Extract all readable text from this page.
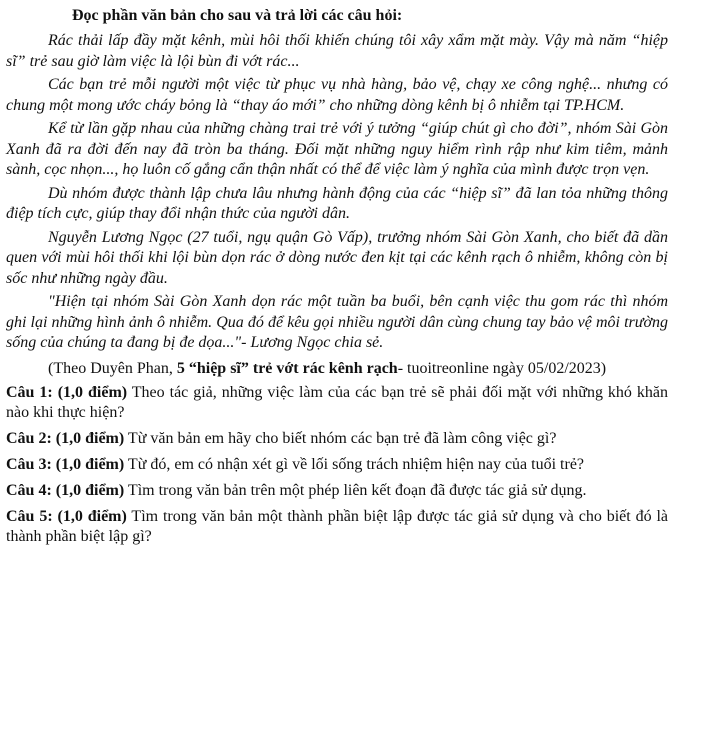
Đọc phần văn bản cho sau và trả lời các câu hỏi:

Rác thải lấp đầy mặt kênh, mùi hôi thối khiến chúng tôi xây xẩm mặt mày. Vậy mà năm “hiệp sĩ” trẻ sau giờ làm việc là lội bùn đi vớt rác...

Các bạn trẻ mỗi người một việc từ phục vụ nhà hàng, bảo vệ, chạy xe công nghệ... nhưng có chung một mong ước cháy bỏng là “thay áo mới” cho những dòng kênh bị ô nhiễm tại TP.HCM.

Kể từ lần gặp nhau của những chàng trai trẻ với ý tưởng “giúp chút gì cho đời”, nhóm Sài Gòn Xanh đã ra đời đến nay đã tròn ba tháng. Đối mặt những nguy hiểm rình rập như kim tiêm, mảnh sành, cọc nhọn..., họ luôn cố gắng cẩn thận nhất có thể để việc làm ý nghĩa của mình được trọn vẹn.

Dù nhóm được thành lập chưa lâu nhưng hành động của các “hiệp sĩ” đã lan tỏa những thông điệp tích cực, giúp thay đổi nhận thức của người dân.

Nguyễn Lương Ngọc (27 tuổi, ngụ quận Gò Vấp), trưởng nhóm Sài Gòn Xanh, cho biết đã dần quen với mùi hôi thối khi lội bùn dọn rác ở dòng nước đen kịt tại các kênh rạch ô nhiễm, không còn bị sốc như những ngày đầu.

"Hiện tại nhóm Sài Gòn Xanh dọn rác một tuần ba buổi, bên cạnh việc thu gom rác thì nhóm ghi lại những hình ảnh ô nhiễm. Qua đó để kêu gọi nhiều người dân cùng chung tay bảo vệ môi trường sống của chúng ta đang bị đe dọa..."- Lương Ngọc chia sẻ.

(Theo Duyên Phan, 5 “hiệp sĩ” trẻ vớt rác kênh rạch- tuoitreonline ngày 05/02/2023)

Câu 1: (1,0 điểm) Theo tác giả, những việc làm của các bạn trẻ sẽ phải đối mặt với những khó khăn nào khi thực hiện?

Câu 2: (1,0 điểm) Từ văn bản em hãy cho biết nhóm các bạn trẻ đã làm công việc gì?

Câu 3: (1,0 điểm) Từ đó, em có nhận xét gì về lối sống trách nhiệm hiện nay của tuổi trẻ?

Câu 4: (1,0 điểm) Tìm trong văn bản trên một phép liên kết đoạn đã được tác giả sử dụng.

Câu 5: (1,0 điểm) Tìm trong văn bản một thành phần biệt lập được tác giả sử dụng và cho biết đó là thành phần biệt lập gì?
